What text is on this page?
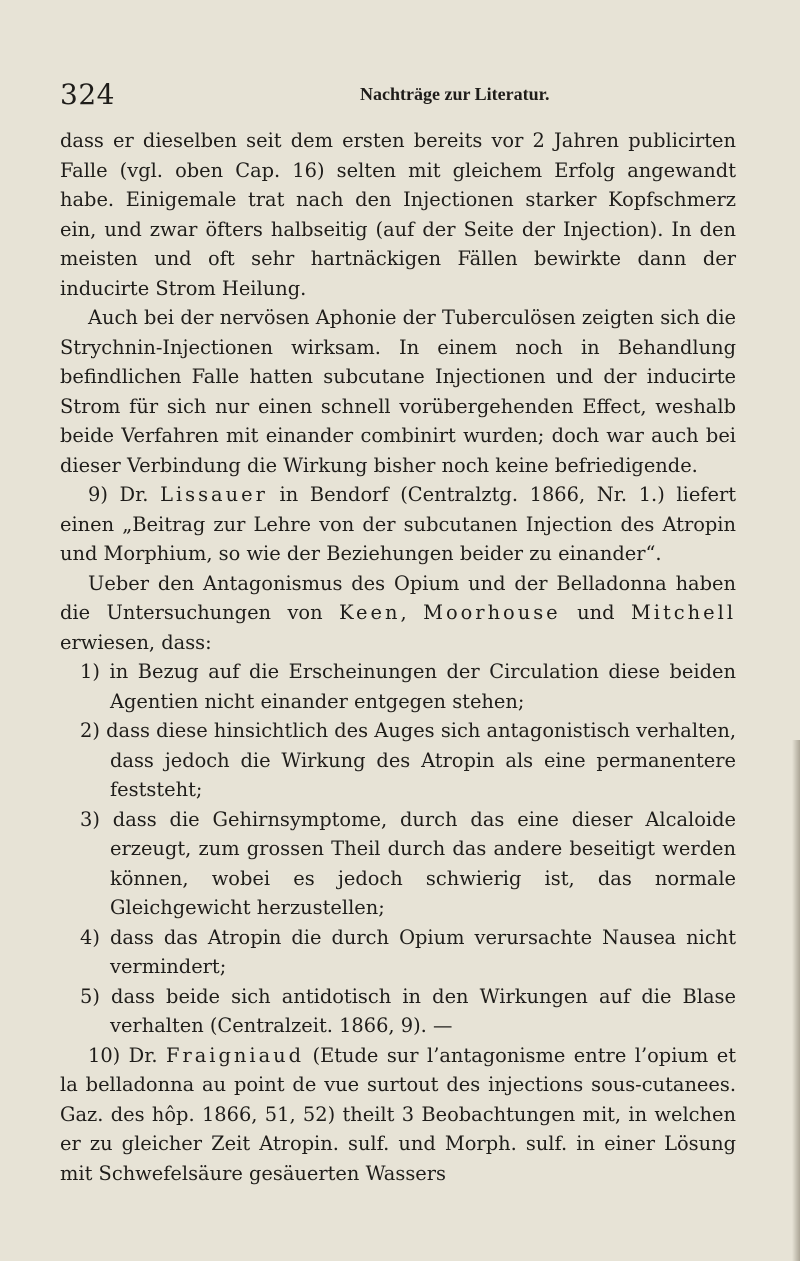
324	Nachträge zur Literatur.

dass er dieselben seit dem ersten bereits vor 2 Jahren publicirten Falle (vgl. oben Cap. 16) selten mit gleichem Erfolg angewandt habe. Einigemale trat nach den Injectionen starker Kopfschmerz ein, und zwar öfters halbseitig (auf der Seite der Injection). In den meisten und oft sehr hartnäckigen Fällen bewirkte dann der inducirte Strom Heilung.

Auch bei der nervösen Aphonie der Tuberculösen zeigten sich die Strychnin-Injectionen wirksam. In einem noch in Behandlung befindlichen Falle hatten subcutane Injectionen und der inducirte Strom für sich nur einen schnell vorübergehenden Effect, weshalb beide Verfahren mit einander combinirt wurden; doch war auch bei dieser Verbindung die Wirkung bisher noch keine befriedigende.

9) Dr. Lissauer in Bendorf (Centralztg. 1866, Nr. 1.) liefert einen „Beitrag zur Lehre von der subcutanen Injection des Atropin und Morphium, so wie der Beziehungen beider zu einander“.

Ueber den Antagonismus des Opium und der Belladonna haben die Untersuchungen von Keen, Moorhouse und Mitchell erwiesen, dass:

1) in Bezug auf die Erscheinungen der Circulation diese beiden Agentien nicht einander entgegen stehen;

2) dass diese hinsichtlich des Auges sich antagonistisch verhalten, dass jedoch die Wirkung des Atropin als eine permanentere feststeht;

3) dass die Gehirnsymptome, durch das eine dieser Alcaloide erzeugt, zum grossen Theil durch das andere beseitigt werden können, wobei es jedoch schwierig ist, das normale Gleichgewicht herzustellen;

4) dass das Atropin die durch Opium verursachte Nausea nicht vermindert;

5) dass beide sich antidotisch in den Wirkungen auf die Blase verhalten (Centralzeit. 1866, 9). —

10) Dr. Fraigniaud (Etude sur l’antagonisme entre l’opium et la belladonna au point de vue surtout des injections sous-cutanees. Gaz. des hôp. 1866, 51, 52) theilt 3 Beobachtungen mit, in welchen er zu gleicher Zeit Atropin. sulf. und Morph. sulf. in einer Lösung mit Schwefelsäure gesäuerten Wassers
